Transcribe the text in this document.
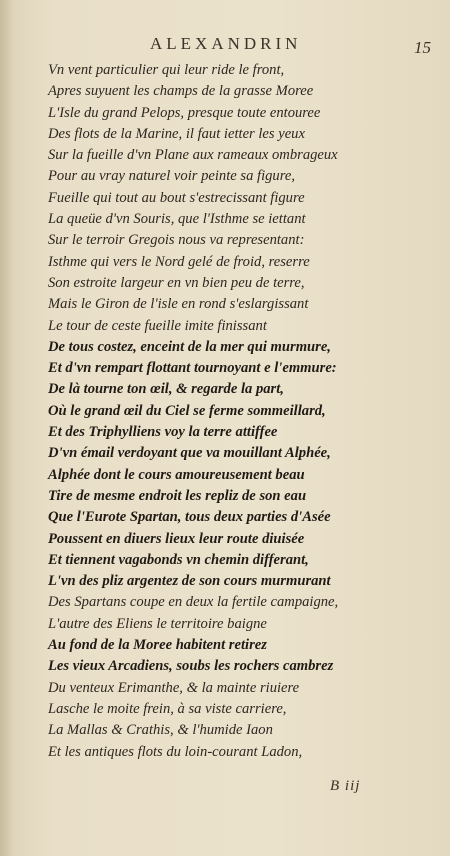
ALEXANDRIN	15
Vn vent particulier qui leur ride le front,
Apres suyuent les champs de la grasse Moree
L'Isle du grand Pelops, presque toute entouree
Des flots de la Marine, il faut ietter les yeux
Sur la fueille d'vn Plane aux rameaux ombrageux
Pour au vray naturel voir peinte sa figure,
Fueille qui tout au bout s'estrecissant figure
La queüe d'vn Souris, que l'Isthme se iettant
Sur le terroir Gregois nous va representant:
Isthme qui vers le Nord gelé de froid, reserre
Son estroite largeur en vn bien peu de terre,
Mais le Giron de l'isle en rond s'eslargissant
Le tour de ceste fueille imite finissant
De tous costez, enceint de la mer qui murmure,
Et d'vn rempart flottant tournoyant e l'emmure:
De là tourne ton œil, & regarde la part,
Où le grand œil du Ciel se ferme sommeillard,
Et des Triphylliens voy la terre attiffee
D'vn émail verdoyant que va mouillant Alphée,
Alphée dont le cours amoureusement beau
Tire de mesme endroit les repliz de son eau
Que l'Eurote Spartan, tous deux parties d'Asée
Poussent en diuers lieux leur route diuisée
Et tiennent vagabonds vn chemin differant,
L'vn des pliz argentez de son cours murmurant
Des Spartans coupe en deux la fertile campaigne,
L'autre des Eliens le territoire baigne
Au fond de la Moree habitent retirez
Les vieux Arcadiens, soubs les rochers cambrez
Du venteux Erimanthe, & la mainte riuiere
Lasche le moite frein, à sa viste carriere,
La Mallas & Crathis, & l'humide Iaon
Et les antiques flots du loin-courant Ladon,
B iij
